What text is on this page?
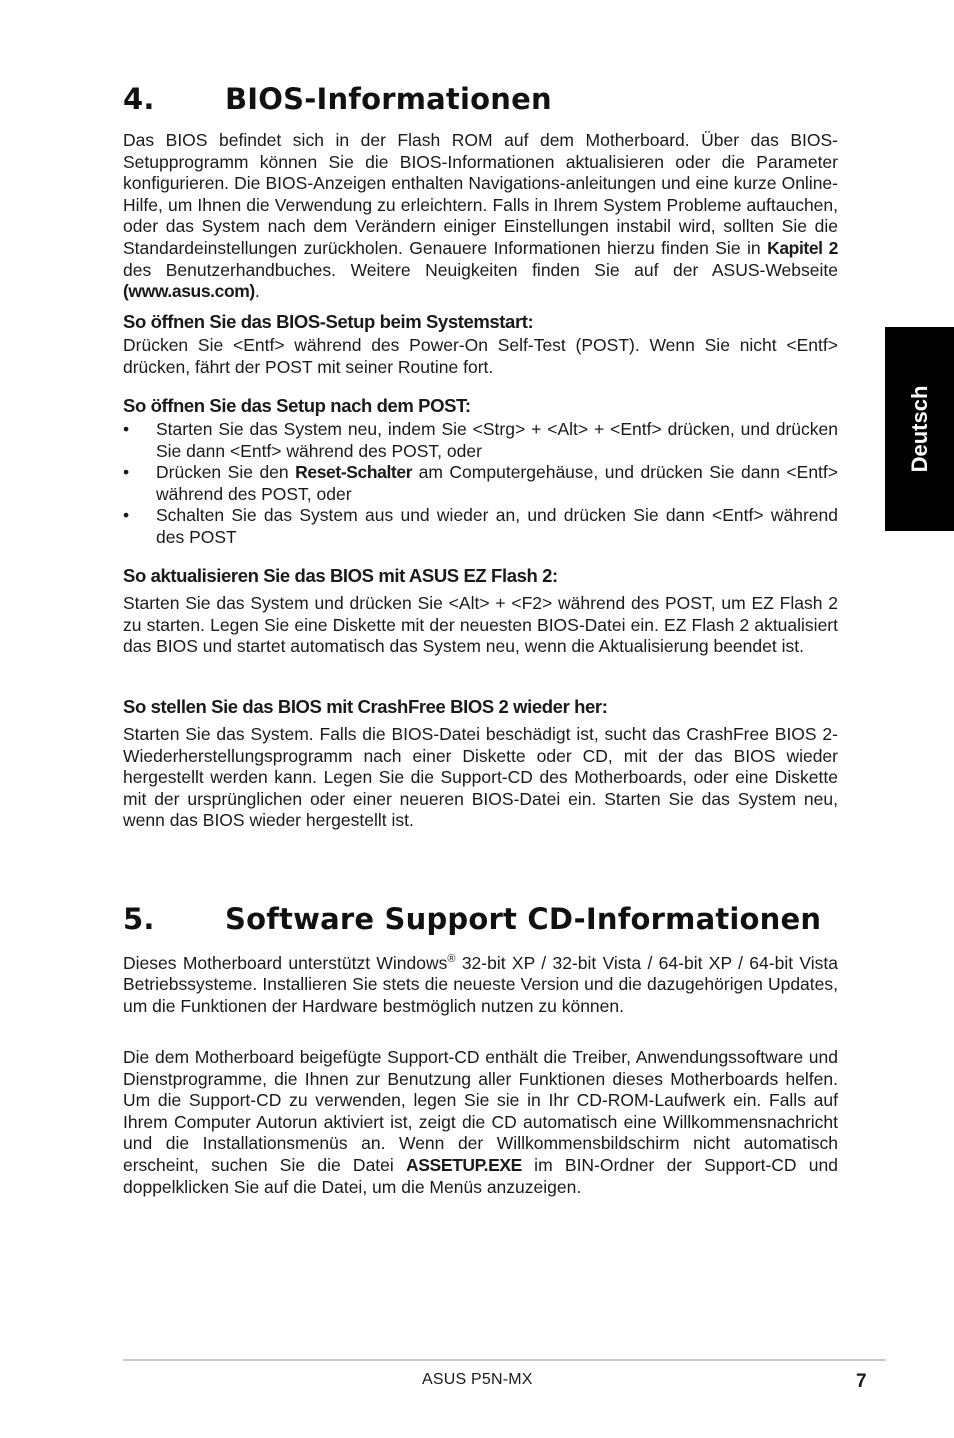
4. BIOS-Informationen

Das BIOS befindet sich in der Flash ROM auf dem Motherboard. Über das BIOS-Setupprogramm können Sie die BIOS-Informationen aktualisieren oder die Parameter konfigurieren. Die BIOS-Anzeigen enthalten Navigations-anleitungen und eine kurze Online-Hilfe, um Ihnen die Verwendung zu erleichtern. Falls in Ihrem System Probleme auftauchen, oder das System nach dem Verändern einiger Einstellungen instabil wird, sollten Sie die Standardeinstellungen zurückholen. Genauere Informationen hierzu finden Sie in Kapitel 2 des Benutzerhandbuches. Weitere Neuigkeiten finden Sie auf der ASUS-Webseite (www.asus.com).

So öffnen Sie das BIOS-Setup beim Systemstart:

Drücken Sie <Entf> während des Power-On Self-Test (POST). Wenn Sie nicht <Entf> drücken, fährt der POST mit seiner Routine fort.

So öffnen Sie das Setup nach dem POST:

•	Starten Sie das System neu, indem Sie <Strg> + <Alt> + <Entf> drücken, und drücken Sie dann <Entf> während des POST, oder
•	Drücken Sie den Reset-Schalter am Computergehäuse, und drücken Sie dann <Entf> während des POST, oder
•	Schalten Sie das System aus und wieder an, und drücken Sie dann <Entf> während des POST

So aktualisieren Sie das BIOS mit ASUS EZ Flash 2:

Starten Sie das System und drücken Sie <Alt> + <F2> während des POST, um EZ Flash 2 zu starten. Legen Sie eine Diskette mit der neuesten BIOS-Datei ein. EZ Flash 2 aktualisiert das BIOS und startet automatisch das System neu, wenn die Aktualisierung beendet ist.

So stellen Sie das BIOS mit CrashFree BIOS 2 wieder her:

Starten Sie das System. Falls die BIOS-Datei beschädigt ist, sucht das CrashFree BIOS 2-Wiederherstellungsprogramm nach einer Diskette oder CD, mit der das BIOS wieder hergestellt werden kann. Legen Sie die Support-CD des Motherboards, oder eine Diskette mit der ursprünglichen oder einer neueren BIOS-Datei ein. Starten Sie das System neu, wenn das BIOS wieder hergestellt ist.

5. Software Support CD-Informationen

Dieses Motherboard unterstützt Windows® 32-bit XP / 32-bit Vista / 64-bit XP / 64-bit Vista Betriebssysteme. Installieren Sie stets die neueste Version und die dazugehörigen Updates, um die Funktionen der Hardware bestmöglich nutzen zu können.

Die dem Motherboard beigefügte Support-CD enthält die Treiber, Anwendungssoftware und Dienstprogramme, die Ihnen zur Benutzung aller Funktionen dieses Motherboards helfen. Um die Support-CD zu verwenden, legen Sie sie in Ihr CD-ROM-Laufwerk ein. Falls auf Ihrem Computer Autorun aktiviert ist, zeigt die CD automatisch eine Willkommensnachricht und die Installationsmenüs an. Wenn der Willkommensbildschirm nicht automatisch erscheint, suchen Sie die Datei ASSETUP.EXE im BIN-Ordner der Support-CD und doppelklicken Sie auf die Datei, um die Menüs anzuzeigen.

Deutsch
ASUS P5N-MX	7
